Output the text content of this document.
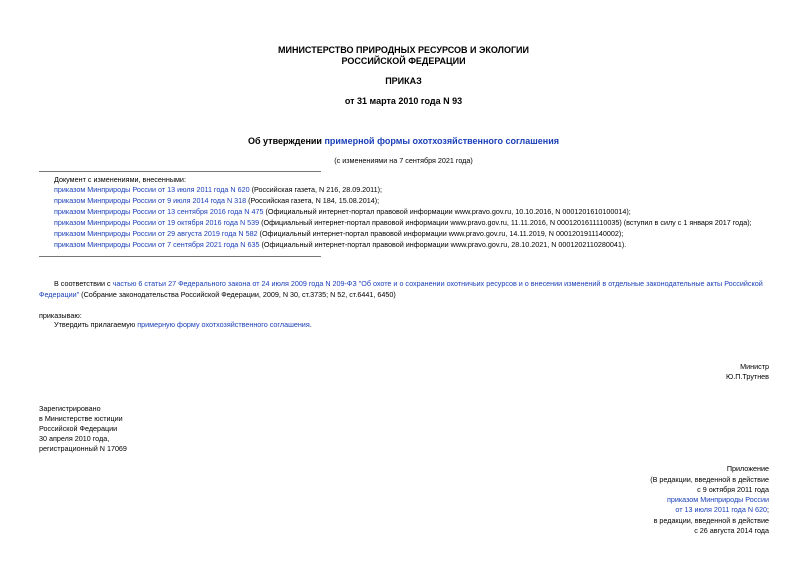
МИНИСТЕРСТВО ПРИРОДНЫХ РЕСУРСОВ И ЭКОЛОГИИ
РОССИЙСКОЙ ФЕДЕРАЦИИ
ПРИКАЗ
от 31 марта 2010 года N 93
Об утверждении примерной формы охотхозяйственного соглашения
(с изменениями на 7 сентября 2021 года)
Документ с изменениями, внесенными:
приказом Минприроды России от 13 июля 2011 года N 620 (Российская газета, N 216, 28.09.2011);
приказом Минприроды России от 9 июля 2014 года N 318 (Российская газета, N 184, 15.08.2014);
приказом Минприроды России от 13 сентября 2016 года N 475 (Официальный интернет-портал правовой информации www.pravo.gov.ru, 10.10.2016, N 0001201610100014);
приказом Минприроды России от 19 октября 2016 года N 539 (Официальный интернет-портал правовой информации www.pravo.gov.ru, 11.11.2016, N 0001201611110035) (вступил в силу с 1 января 2017 года);
приказом Минприроды России от 29 августа 2019 года N 582 (Официальный интернет-портал правовой информации www.pravo.gov.ru, 14.11.2019, N 0001201911140002);
приказом Минприроды России от 7 сентября 2021 года N 635 (Официальный интернет-портал правовой информации www.pravo.gov.ru, 28.10.2021, N 0001202110280041).
В соответствии с частью 6 статьи 27 Федерального закона от 24 июля 2009 года N 209-ФЗ "Об охоте и о сохранении охотничьих ресурсов и о внесении изменений в отдельные законодательные акты Российской
Федерации" (Собрание законодательства Российской Федерации, 2009, N 30, ст.3735; N 52, ст.6441, 6450)
приказываю:
Утвердить прилагаемую примерную форму охотхозяйственного соглашения.
Министр
Ю.П.Трутнев
Зарегистрировано
в Министерстве юстиции
Российской Федерации
30 апреля 2010 года,
регистрационный N 17069
Приложение
(В редакции, введенной в действие
с 9 октября 2011 года
приказом Минприроды России
от 13 июля 2011 года N 620;
в редакции, введенной в действие
с 26 августа 2014 года
